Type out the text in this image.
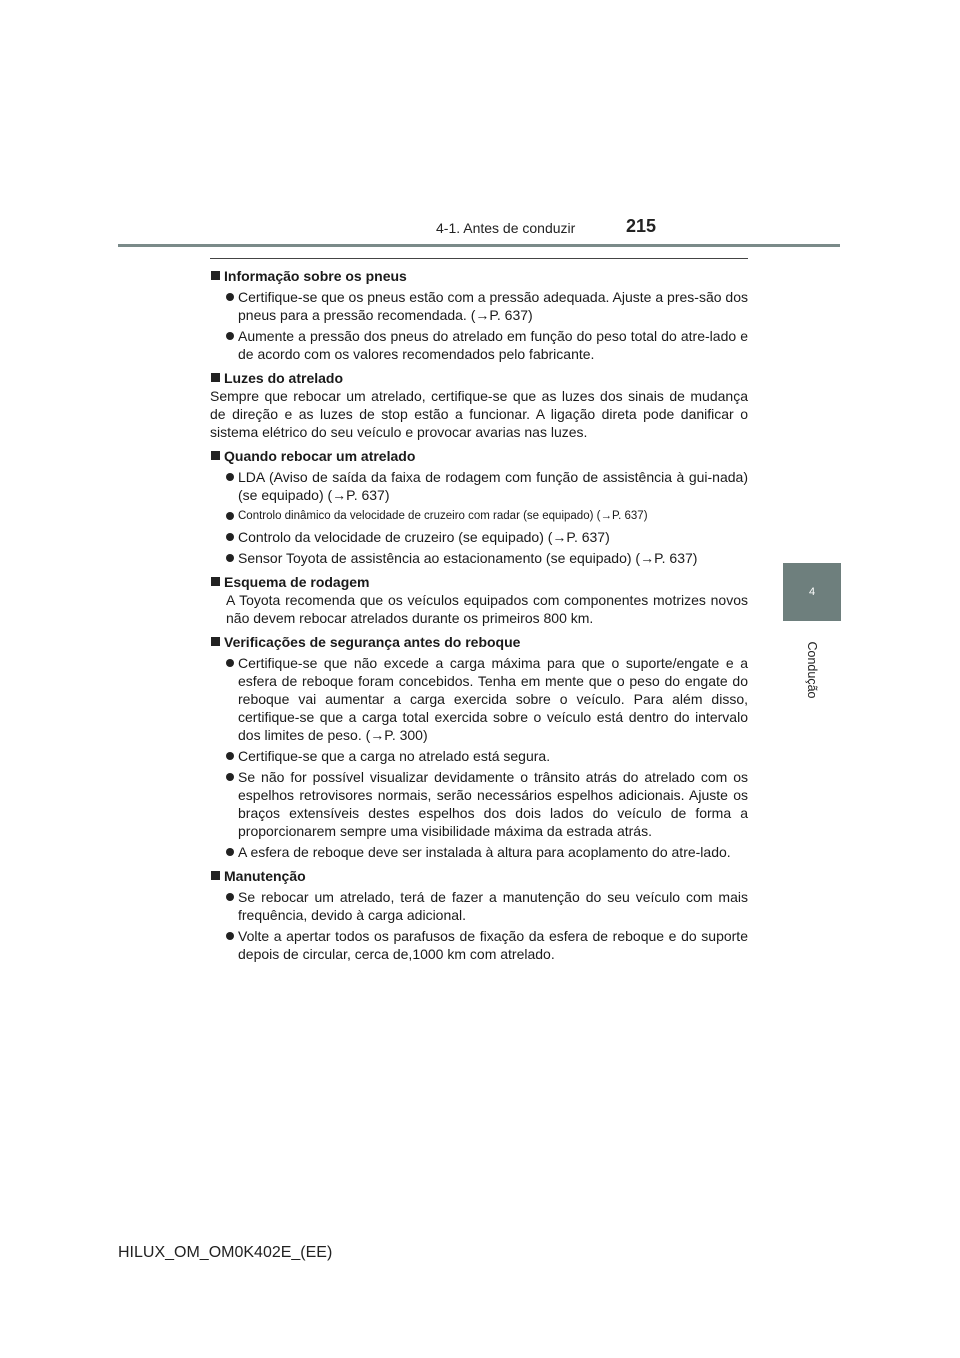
4-1. Antes de conduzir	215
4
Condução
Informação sobre os pneus
Certifique-se que os pneus estão com a pressão adequada. Ajuste a pres-são dos pneus para a pressão recomendada. (→P. 637)
Aumente a pressão dos pneus do atrelado em função do peso total do atre-lado e de acordo com os valores recomendados pelo fabricante.
Luzes do atrelado
Sempre que rebocar um atrelado, certifique-se que as luzes dos sinais de mudança de direção e as luzes de stop estão a funcionar. A ligação direta pode danificar o sistema elétrico do seu veículo e provocar avarias nas luzes.
Quando rebocar um atrelado
LDA (Aviso de saída da faixa de rodagem com função de assistência à gui-nada) (se equipado) (→P. 637)
Controlo dinâmico da velocidade de cruzeiro com radar (se equipado) (→P. 637)
Controlo da velocidade de cruzeiro (se equipado) (→P. 637)
Sensor Toyota de assistência ao estacionamento (se equipado) (→P. 637)
Esquema de rodagem
A Toyota recomenda que os veículos equipados com componentes motrizes novos não devem rebocar atrelados durante os primeiros 800 km.
Verificações de segurança antes do reboque
Certifique-se que não excede a carga máxima para que o suporte/engate e a esfera de reboque foram concebidos. Tenha em mente que o peso do engate do reboque vai aumentar a carga exercida sobre o veículo. Para além disso, certifique-se que a carga total exercida sobre o veículo está dentro do intervalo dos limites de peso. (→P. 300)
Certifique-se que a carga no atrelado está segura.
Se não for possível visualizar devidamente o trânsito atrás do atrelado com os espelhos retrovisores normais, serão necessários espelhos adicionais. Ajuste os braços extensíveis destes espelhos dos dois lados do veículo de forma a proporcionarem sempre uma visibilidade máxima da estrada atrás.
A esfera de reboque deve ser instalada à altura para acoplamento do atre-lado.
Manutenção
Se rebocar um atrelado, terá de fazer a manutenção do seu veículo com mais frequência, devido à carga adicional.
Volte a apertar todos os parafusos de fixação da esfera de reboque e do suporte depois de circular, cerca de,1000 km com atrelado.
HILUX_OM_OM0K402E_(EE)
